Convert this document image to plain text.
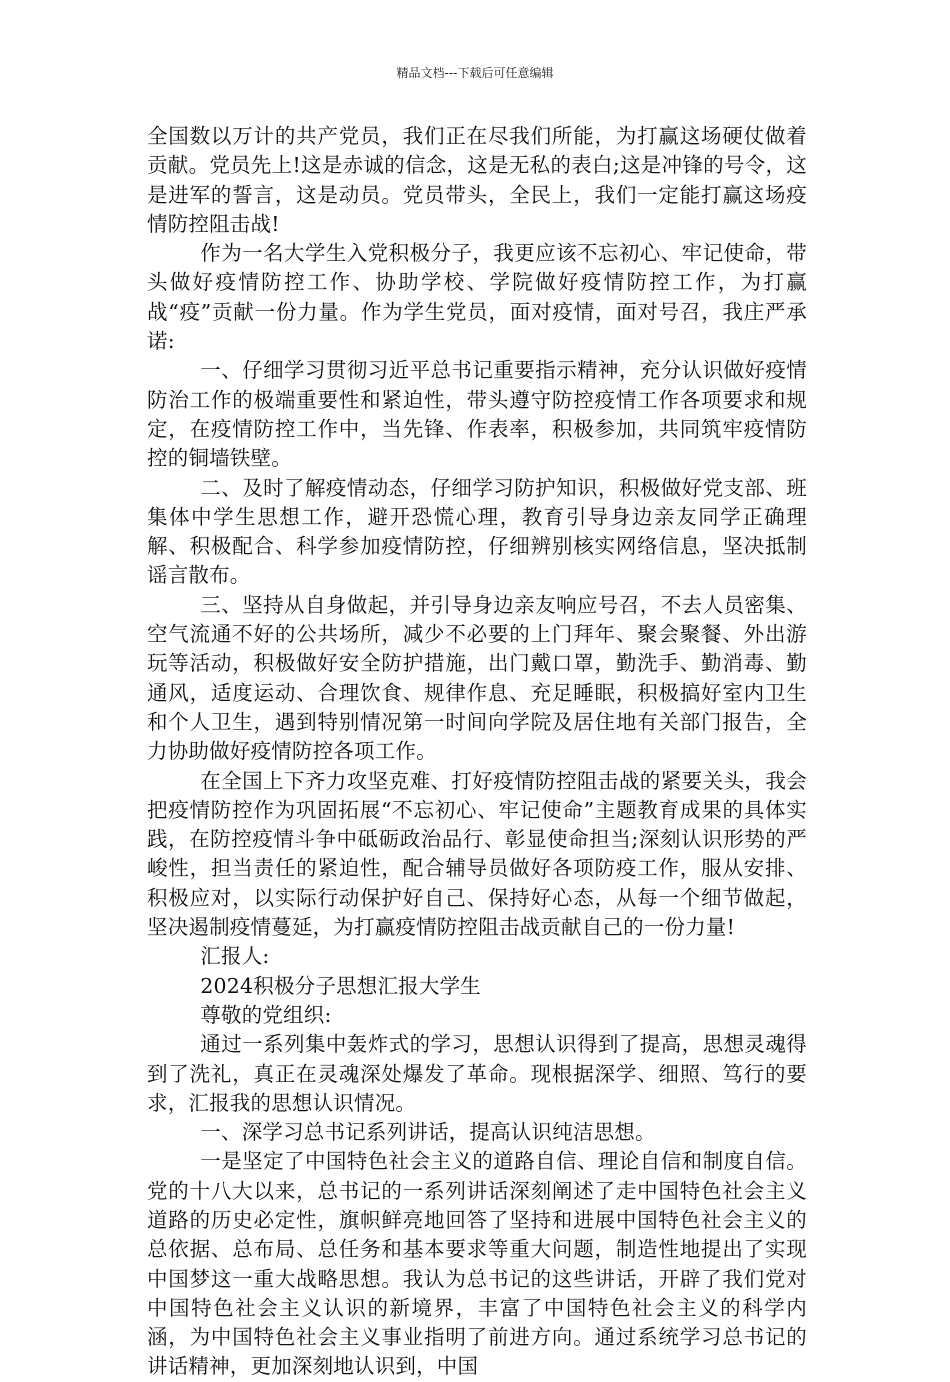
精品文档---下载后可任意编辑

全国数以万计的共产党员，我们正在尽我们所能，为打赢这场硬仗做着贡献。党员先上!这是赤诚的信念，这是无私的表白;这是冲锋的号令，这是进军的誓言，这是动员。党员带头，全民上，我们一定能打赢这场疫情防控阻击战!

作为一名大学生入党积极分子，我更应该不忘初心、牢记使命，带头做好疫情防控工作、协助学校、学院做好疫情防控工作，为打赢战“疫”贡献一份力量。作为学生党员，面对疫情，面对号召，我庄严承诺:

一、仔细学习贯彻习近平总书记重要指示精神，充分认识做好疫情防治工作的极端重要性和紧迫性，带头遵守防控疫情工作各项要求和规定，在疫情防控工作中，当先锋、作表率，积极参加，共同筑牢疫情防控的铜墙铁壁。

二、及时了解疫情动态，仔细学习防护知识，积极做好党支部、班集体中学生思想工作，避开恐慌心理，教育引导身边亲友同学正确理解、积极配合、科学参加疫情防控，仔细辨别核实网络信息，坚决抵制谣言散布。

三、坚持从自身做起，并引导身边亲友响应号召，不去人员密集、空气流通不好的公共场所，减少不必要的上门拜年、聚会聚餐、外出游玩等活动，积极做好安全防护措施，出门戴口罩，勤洗手、勤消毒、勤通风，适度运动、合理饮食、规律作息、充足睡眠，积极搞好室内卫生和个人卫生，遇到特别情况第一时间向学院及居住地有关部门报告，全力协助做好疫情防控各项工作。

在全国上下齐力攻坚克难、打好疫情防控阻击战的紧要关头，我会把疫情防控作为巩固拓展“不忘初心、牢记使命”主题教育成果的具体实践，在防控疫情斗争中砥砺政治品行、彰显使命担当;深刻认识形势的严峻性，担当责任的紧迫性，配合辅导员做好各项防疫工作，服从安排、积极应对，以实际行动保护好自己、保持好心态，从每一个细节做起，坚决遏制疫情蔓延，为打赢疫情防控阻击战贡献自己的一份力量!

汇报人:

2024积极分子思想汇报大学生

尊敬的党组织:

通过一系列集中轰炸式的学习，思想认识得到了提高，思想灵魂得到了洗礼，真正在灵魂深处爆发了革命。现根据深学、细照、笃行的要求，汇报我的思想认识情况。

一、深学习总书记系列讲话，提高认识纯洁思想。

一是坚定了中国特色社会主义的道路自信、理论自信和制度自信。党的十八大以来，总书记的一系列讲话深刻阐述了走中国特色社会主义道路的历史必定性，旗帜鲜亮地回答了坚持和进展中国特色社会主义的总依据、总布局、总任务和基本要求等重大问题，制造性地提出了实现中国梦这一重大战略思想。我认为总书记的这些讲话，开辟了我们党对中国特色社会主义认识的新境界，丰富了中国特色社会主义的科学内涵，为中国特色社会主义事业指明了前进方向。通过系统学习总书记的讲话精神，更加深刻地认识到，中国
